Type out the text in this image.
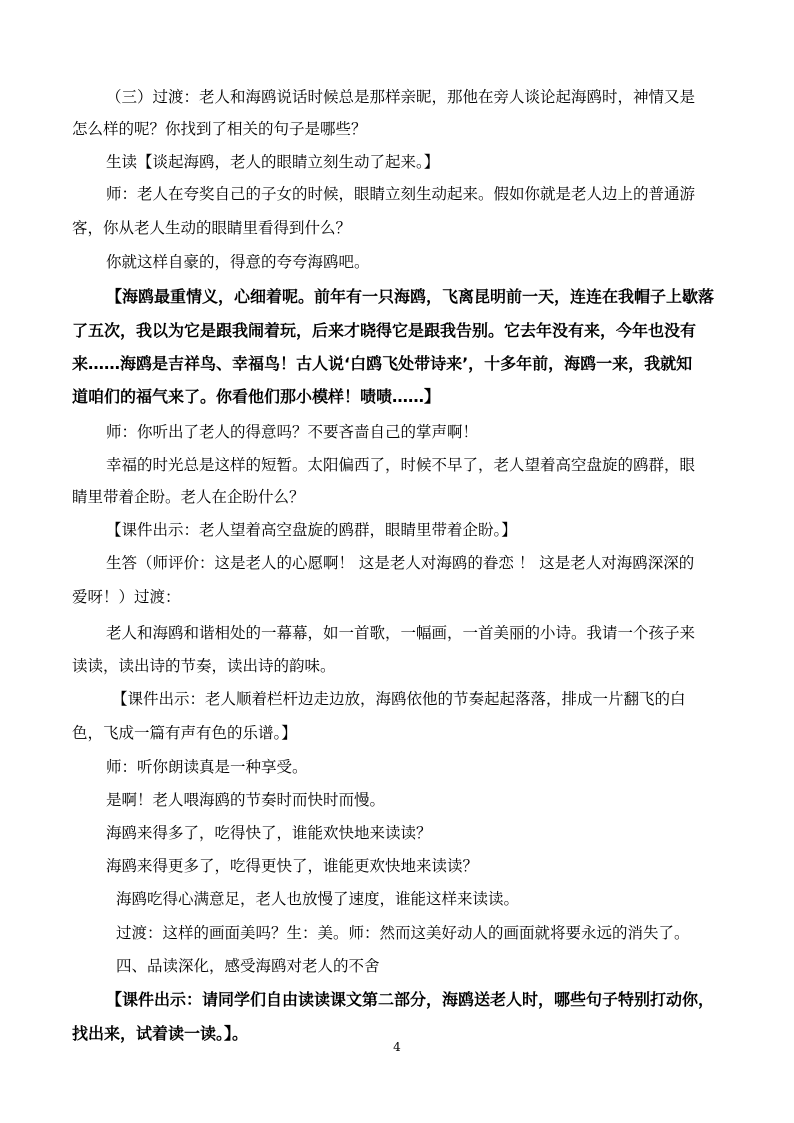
（三）过渡：老人和海鸥说话时候总是那样亲昵，那他在旁人谈论起海鸥时，神情又是
怎么样的呢？你找到了相关的句子是哪些？
生读【谈起海鸥，老人的眼睛立刻生动了起来。】
师：老人在夸奖自己的子女的时候，眼睛立刻生动起来。假如你就是老人边上的普通游
客，你从老人生动的眼睛里看得到什么？
你就这样自豪的，得意的夸夸海鸥吧。
【海鸥最重情义，心细着呢。前年有一只海鸥，飞离昆明前一天，连连在我帽子上歇落
了五次，我以为它是跟我闹着玩，后来才晓得它是跟我告别。它去年没有来，今年也没有
来……海鸥是吉祥鸟、幸福鸟！古人说‘白鸥飞处带诗来’，十多年前，海鸥一来，我就知
道咱们的福气来了。你看他们那小模样！啧啧……】
师：你听出了老人的得意吗？不要吝啬自己的掌声啊！
幸福的时光总是这样的短暂。太阳偏西了，时候不早了，老人望着高空盘旋的鸥群，眼
睛里带着企盼。老人在企盼什么？
【课件出示：老人望着高空盘旋的鸥群，眼睛里带着企盼。】
生答（师评价：这是老人的心愿啊！ 这是老人对海鸥的眷恋 ！ 这是老人对海鸥深深的
爱呀！）过渡：
老人和海鸥和谐相处的一幕幕，如一首歌，一幅画，一首美丽的小诗。我请一个孩子来
读读，读出诗的节奏，读出诗的韵味。
【课件出示：老人顺着栏杆边走边放，海鸥依他的节奏起起落落，排成一片翻飞的白
色，飞成一篇有声有色的乐谱。】
师：听你朗读真是一种享受。
是啊！老人喂海鸥的节奏时而快时而慢。
海鸥来得多了，吃得快了，谁能欢快地来读读？
海鸥来得更多了，吃得更快了，谁能更欢快地来读读？
海鸥吃得心满意足，老人也放慢了速度，谁能这样来读读。
过渡：这样的画面美吗？生：美。师：然而这美好动人的画面就将要永远的消失了。
四、品读深化，感受海鸥对老人的不舍
【课件出示：请同学们自由读读课文第二部分，海鸥送老人时，哪些句子特别打动你，
找出来，试着读一读。】。
4
